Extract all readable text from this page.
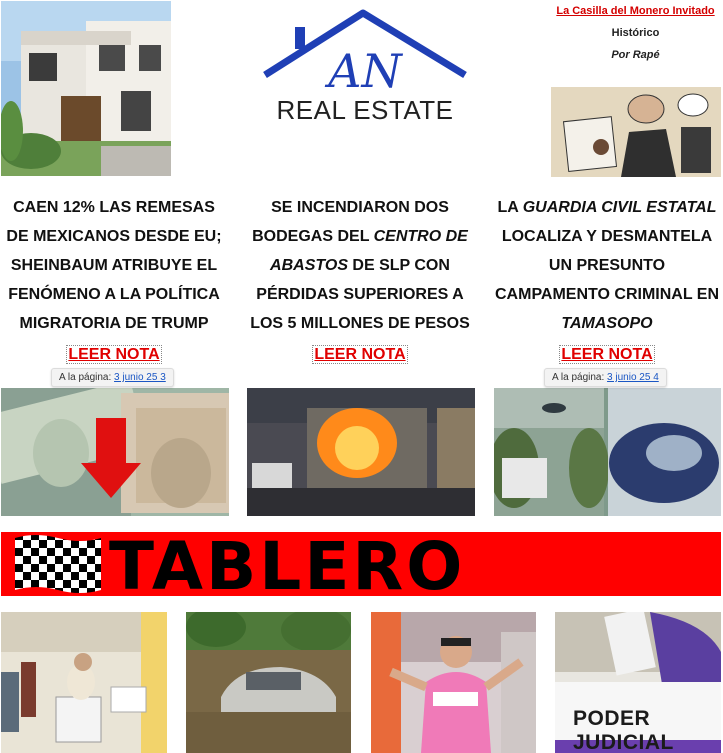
AN
REAL ESTATE
La Casilla del Monero Invitado
Histórico
Por Rapé
CAEN 12% LAS REMESAS DE MEXICANOS DESDE EU; SHEINBAUM ATRIBUYE EL FENÓMENO A LA POLÍTICA MIGRATORIA DE TRUMP
SE INCENDIARON DOS BODEGAS DEL CENTRO DE ABASTOS DE SLP CON PÉRDIDAS SUPERIORES A LOS 5 MILLONES DE PESOS
LA GUARDIA CIVIL ESTATAL LOCALIZA Y DESMANTELA UN PRESUNTO CAMPAMENTO CRIMINAL EN TAMASOPO
LEER NOTA	LEER NOTA	LEER NOTA
A la página: 3 junio 25 3	A la página: 3 junio 25 4
TABLERO
PODER JUDICIAL
